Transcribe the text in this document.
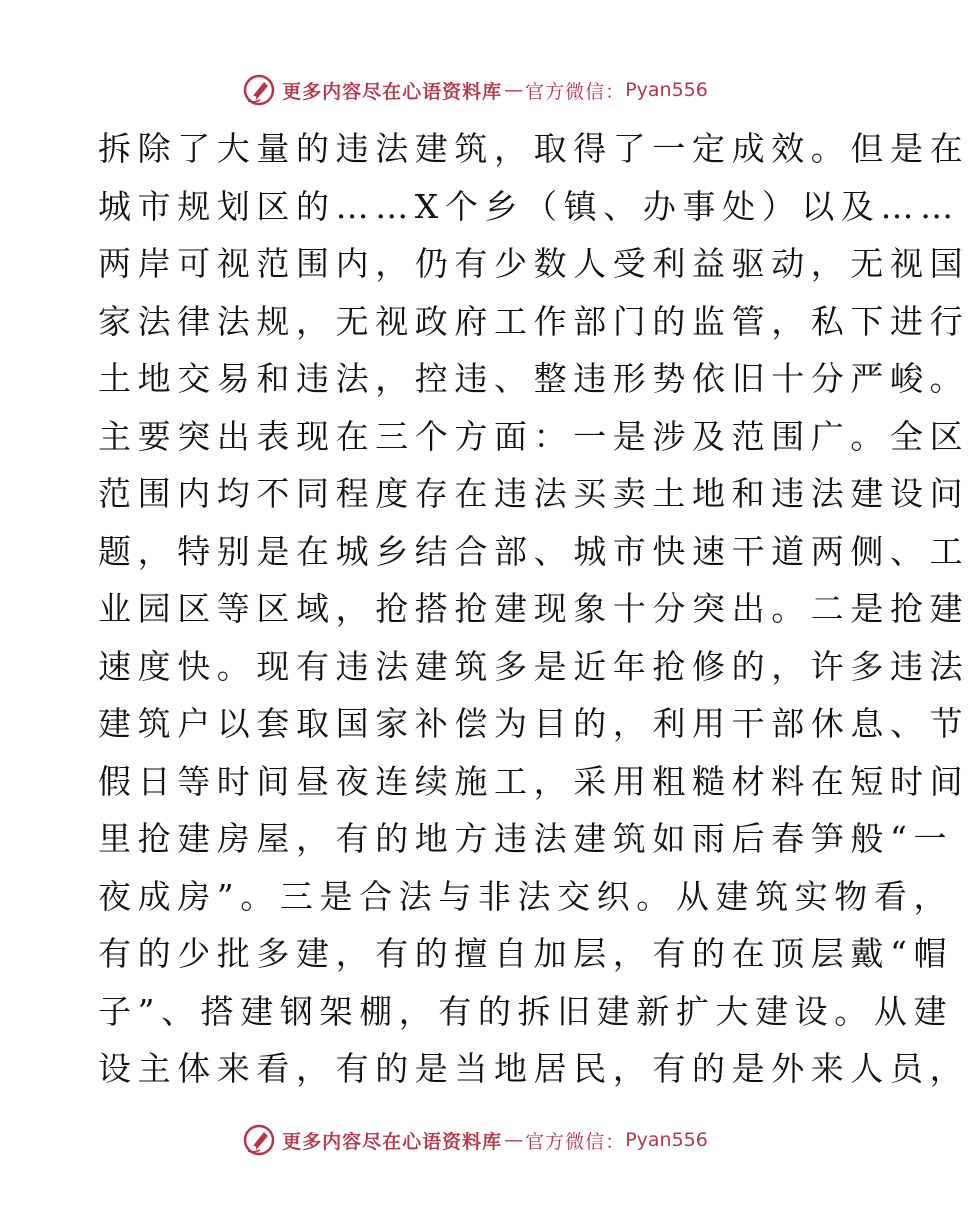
更多内容尽在心语资料库 — 官方微信： Pyan556
拆除了大量的违法建筑，取得了一定成效。但是在
城市规划区的……X个乡（镇、办事处）以及……
两岸可视范围内，仍有少数人受利益驱动，无视国
家法律法规，无视政府工作部门的监管，私下进行
土地交易和违法，控违、整违形势依旧十分严峻。
主要突出表现在三个方面：一是涉及范围广。全区
范围内均不同程度存在违法买卖土地和违法建设问
题，特别是在城乡结合部、城市快速干道两侧、工
业园区等区域，抢搭抢建现象十分突出。二是抢建
速度快。现有违法建筑多是近年抢修的，许多违法
建筑户以套取国家补偿为目的，利用干部休息、节
假日等时间昼夜连续施工，采用粗糙材料在短时间
里抢建房屋，有的地方违法建筑如雨后春笋般“一
夜成房”。三是合法与非法交织。从建筑实物看，
有的少批多建，有的擅自加层，有的在顶层戴“帽
子”、搭建钢架棚，有的拆旧建新扩大建设。从建
设主体来看，有的是当地居民，有的是外来人员，
更多内容尽在心语资料库 — 官方微信： Pyan556
